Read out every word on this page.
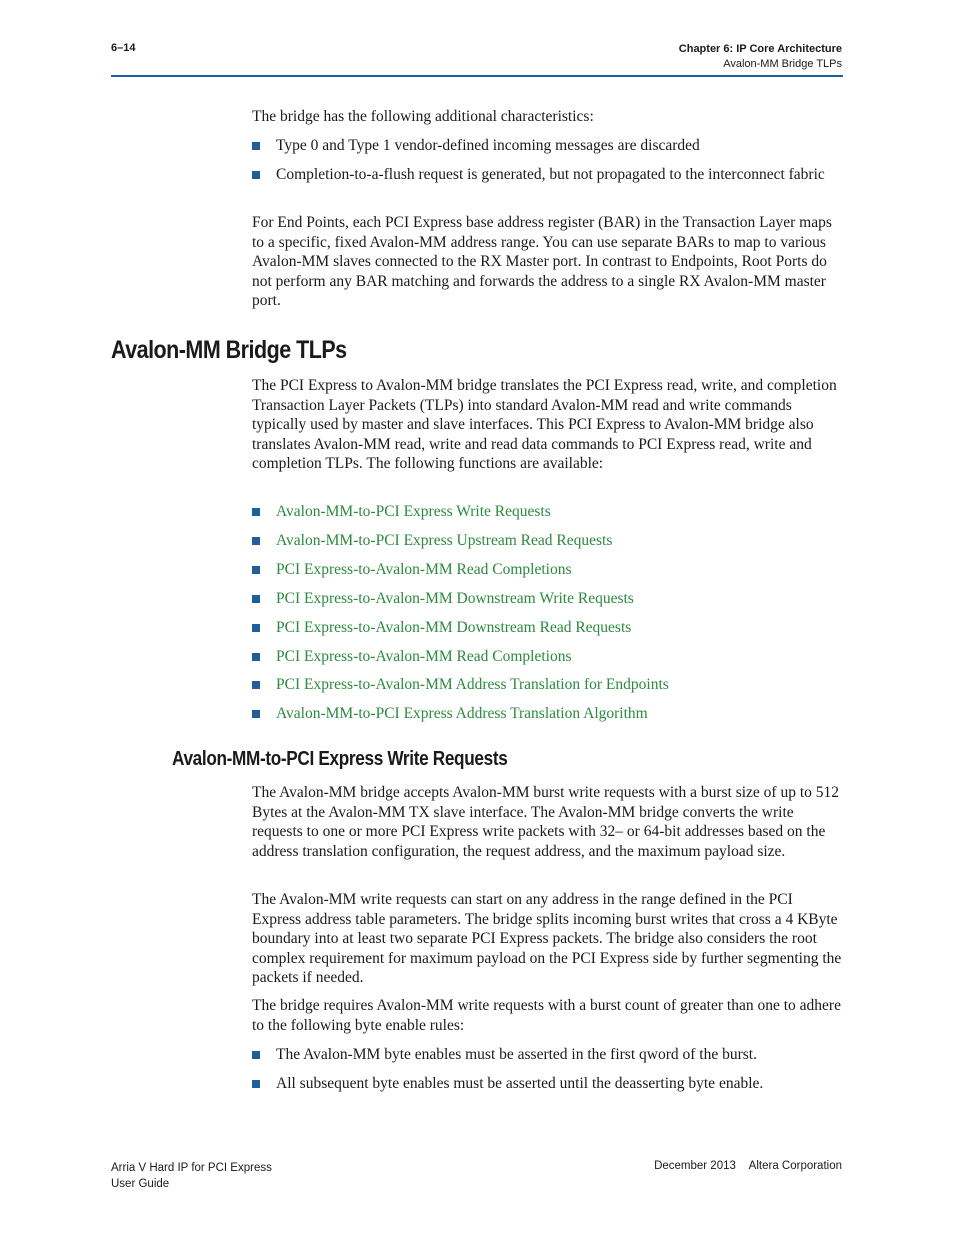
6–14	Chapter 6: IP Core Architecture
Avalon-MM Bridge TLPs

The bridge has the following additional characteristics:

Type 0 and Type 1 vendor-defined incoming messages are discarded
Completion-to-a-flush request is generated, but not propagated to the interconnect fabric

For End Points, each PCI Express base address register (BAR) in the Transaction Layer maps to a specific, fixed Avalon-MM address range. You can use separate BARs to map to various Avalon-MM slaves connected to the RX Master port. In contrast to Endpoints, Root Ports do not perform any BAR matching and forwards the address to a single RX Avalon-MM master port.

Avalon-MM Bridge TLPs

The PCI Express to Avalon-MM bridge translates the PCI Express read, write, and completion Transaction Layer Packets (TLPs) into standard Avalon-MM read and write commands typically used by master and slave interfaces. This PCI Express to Avalon-MM bridge also translates Avalon-MM read, write and read data commands to PCI Express read, write and completion TLPs. The following functions are available:

Avalon-MM-to-PCI Express Write Requests
Avalon-MM-to-PCI Express Upstream Read Requests
PCI Express-to-Avalon-MM Read Completions
PCI Express-to-Avalon-MM Downstream Write Requests
PCI Express-to-Avalon-MM Downstream Read Requests
PCI Express-to-Avalon-MM Read Completions
PCI Express-to-Avalon-MM Address Translation for Endpoints
Avalon-MM-to-PCI Express Address Translation Algorithm
Avalon-MM-to-PCI Express Write Requests

The Avalon-MM bridge accepts Avalon-MM burst write requests with a burst size of up to 512 Bytes at the Avalon-MM TX slave interface. The Avalon-MM bridge converts the write requests to one or more PCI Express write packets with 32– or 64-bit addresses based on the address translation configuration, the request address, and the maximum payload size.

The Avalon-MM write requests can start on any address in the range defined in the PCI Express address table parameters. The bridge splits incoming burst writes that cross a 4 KByte boundary into at least two separate PCI Express packets. The bridge also considers the root complex requirement for maximum payload on the PCI Express side by further segmenting the packets if needed.

The bridge requires Avalon-MM write requests with a burst count of greater than one to adhere to the following byte enable rules:

The Avalon-MM byte enables must be asserted in the first qword of the burst.
All subsequent byte enables must be asserted until the deasserting byte enable.
Arria V Hard IP for PCI Express
User Guide
December 2013 Altera Corporation
